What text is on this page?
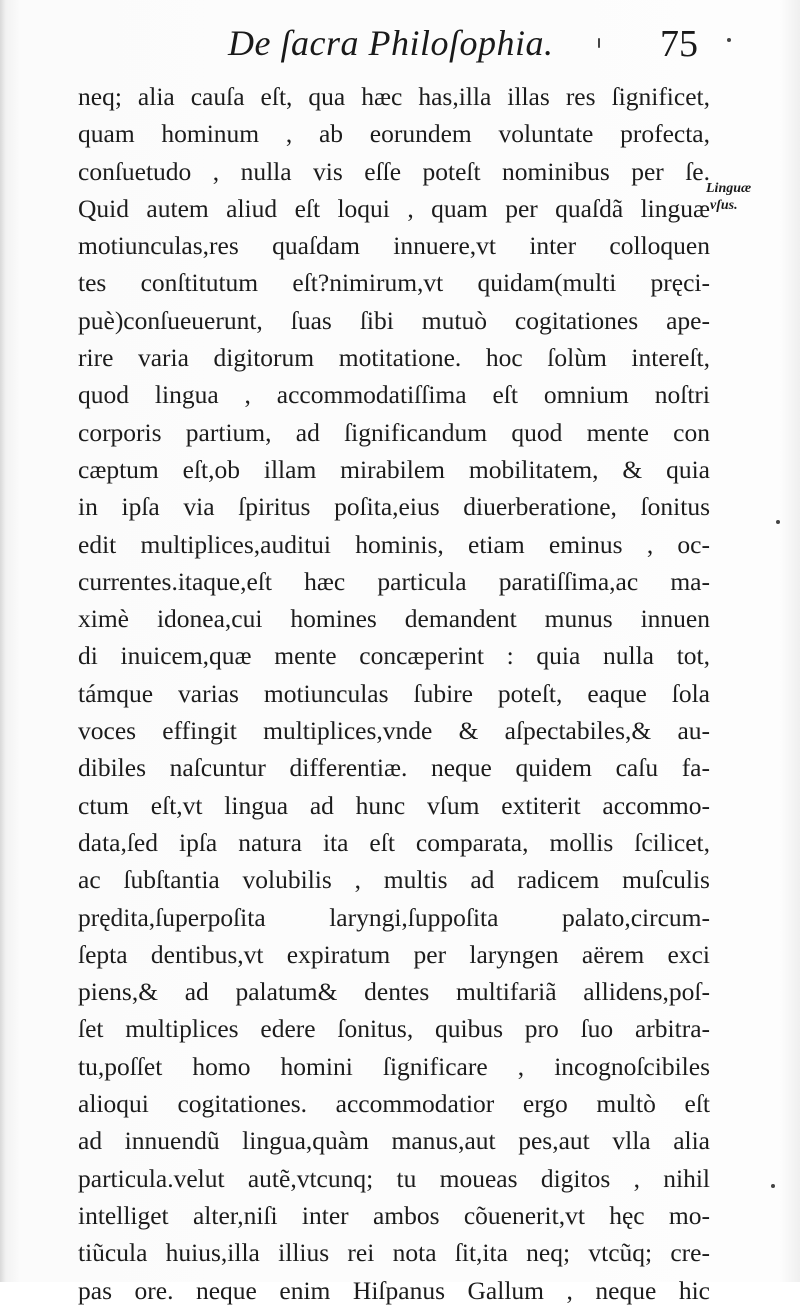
De ſacra Philoſophia.	75
Linguæ
vſus.
neq; alia cauſa eſt, qua hæc has,illa illas res ſignificet,
quam hominum , ab eorundem voluntate profecta,
conſuetudo , nulla vis eſſe poteſt nominibus per ſe.
Quid autem aliud eſt loqui , quam per quaſdã linguæ
motiunculas,res quaſdam innuere,vt inter colloquen
tes conſtitutum eſt?nimirum,vt quidam(multi pręci-
puè)conſueuerunt, ſuas ſibi mutuò cogitationes ape-
rire varia digitorum motitatione. hoc ſolùm intereſt,
quod lingua , accommodatiſſima eſt omnium noſtri
corporis partium, ad ſignificandum quod mente con
cæptum eſt,ob illam mirabilem mobilitatem, & quia
in ipſa via ſpiritus poſita,eius diuerberatione, ſonitus
edit multiplices,auditui hominis, etiam eminus , oc-
currentes.itaque,eſt hæc particula paratiſſima,ac ma-
ximè idonea,cui homines demandent munus innuen
di inuicem,quæ mente concæperint : quia nulla tot,
támque varias motiunculas ſubire poteſt, eaque ſola
voces effingit multiplices,vnde & aſpectabiles,& au-
dibiles naſcuntur differentiæ. neque quidem caſu fa-
ctum eſt,vt lingua ad hunc vſum extiterit accommo-
data,ſed ipſa natura ita eſt comparata, mollis ſcilicet,
ac ſubſtantia volubilis , multis ad radicem muſculis
prędita,ſuperpoſita laryngi,ſuppoſita palato,circum-
ſepta dentibus,vt expiratum per laryngen aërem exci
piens,& ad palatum& dentes multifariã allidens,poſ-
ſet multiplices edere ſonitus, quibus pro ſuo arbitra-
tu,poſſet homo homini ſignificare , incognoſcibiles
alioqui cogitationes. accommodatior ergo multò eſt
ad innuendũ lingua,quàm manus,aut pes,aut vlla alia
particula.velut autẽ,vtcunq; tu moueas digitos , nihil
intelliget alter,niſi inter ambos cõuenerit,vt hęc mo-
tiũcula huius,illa illius rei nota ſit,ita neq; vtcũq; cre-
pas ore. neque enim Hiſpanus Gallum , neque hic
